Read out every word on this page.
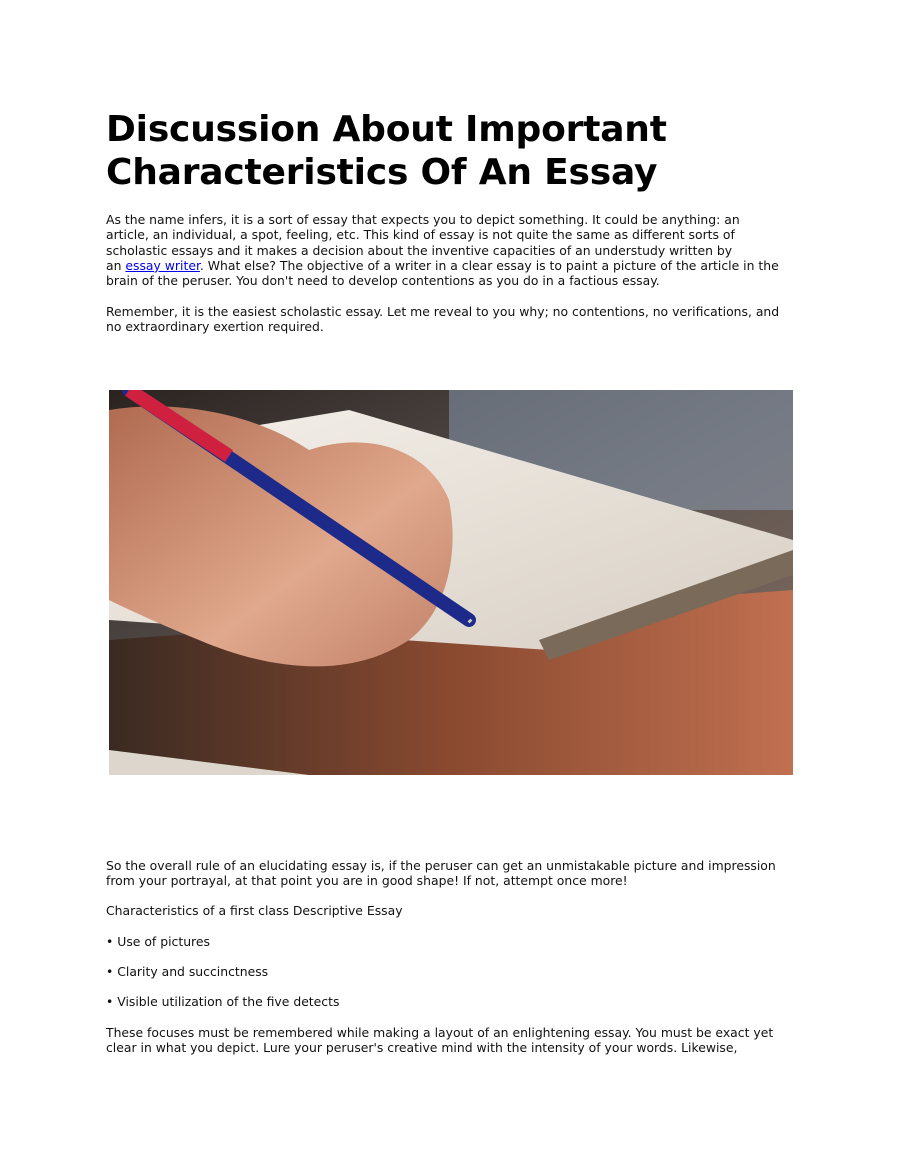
Discussion About Important
Characteristics Of An Essay

As the name infers, it is a sort of essay that expects you to depict something. It could be anything: an
article, an individual, a spot, feeling, etc. This kind of essay is not quite the same as different sorts of
scholastic essays and it makes a decision about the inventive capacities of an understudy written by
an essay writer. What else? The objective of a writer in a clear essay is to paint a picture of the article in the
brain of the peruser. You don't need to develop contentions as you do in a factious essay.

Remember, it is the easiest scholastic essay. Let me reveal to you why; no contentions, no verifications, and
no extraordinary exertion required.

So the overall rule of an elucidating essay is, if the peruser can get an unmistakable picture and impression
from your portrayal, at that point you are in good shape! If not, attempt once more!

Characteristics of a first class Descriptive Essay

• Use of pictures

• Clarity and succinctness

• Visible utilization of the five detects

These focuses must be remembered while making a layout of an enlightening essay. You must be exact yet
clear in what you depict. Lure your peruser's creative mind with the intensity of your words. Likewise,
